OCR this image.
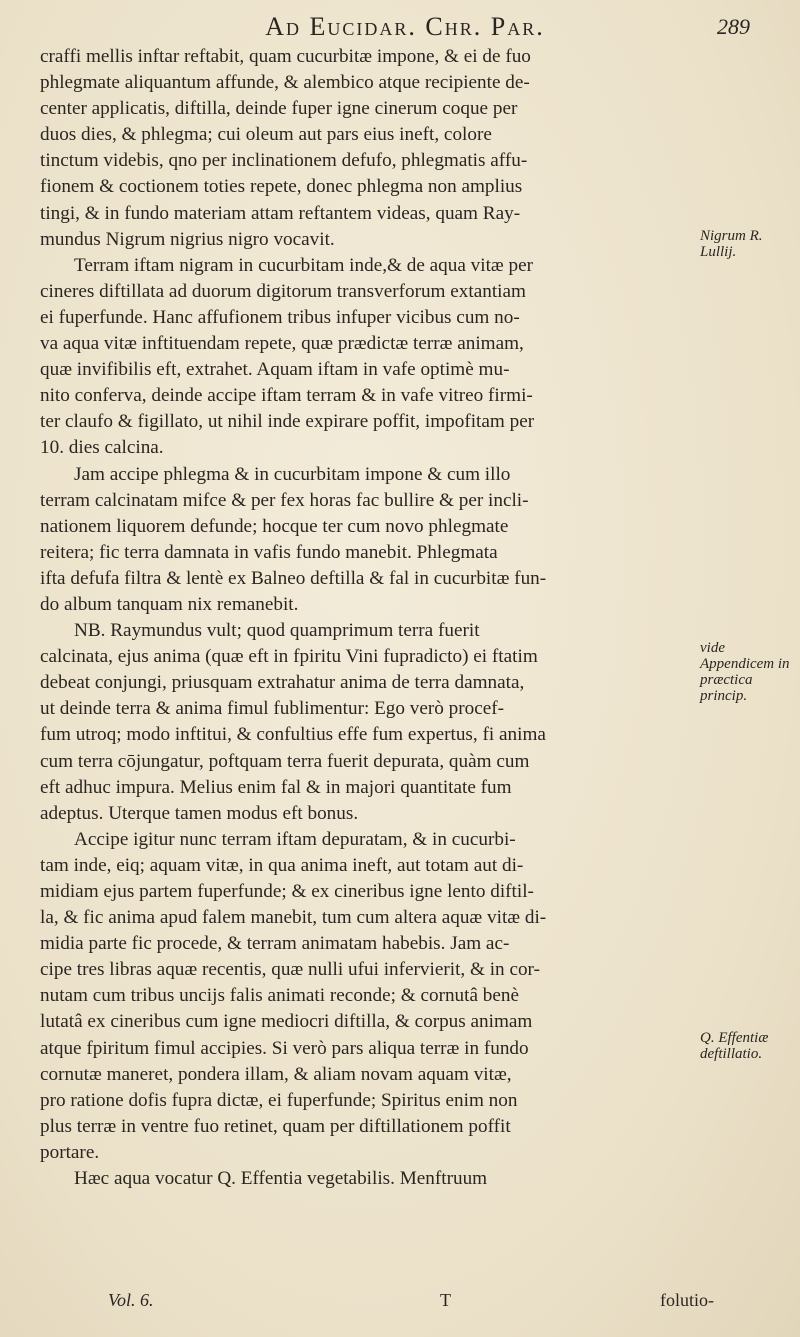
Ad Eucidar. Chr. Par.	289
craffi mellis inftar reftabit, quam cucurbitæ impone, & ei de fuo
phlegmate aliquantum affunde, & alembico atque recipiente de-
center applicatis, diftilla, deinde fuper igne cinerum coque per
duos dies, & phlegma; cui oleum aut pars eius ineft, colore
tinctum videbis, qno per inclinationem defufo, phlegmatis affu-
fionem & coctionem toties repete, donec phlegma non amplius
tingi, & in fundo materiam attam reftantem videas, quam Ray-
mundus Nigrum nigrius nigro vocavit.
Terram iftam nigram in cucurbitam inde,& de aqua vitæ per
cineres diftillata ad duorum digitorum transverforum extantiam
ei fuperfunde. Hanc affufionem tribus infuper vicibus cum no-
va aqua vitæ inftituendam repete, quæ prædictæ terræ animam,
quæ invifibilis eft, extrahet. Aquam iftam in vafe optimè mu-
nito conferva, deinde accipe iftam terram & in vafe vitreo firmi-
ter claufo & figillato, ut nihil inde expirare poffit, impofitam per
10. dies calcina.
Jam accipe phlegma & in cucurbitam impone & cum illo
terram calcinatam mifce & per fex horas fac bullire & per incli-
nationem liquorem defunde; hocque ter cum novo phlegmate
reitera; fic terra damnata in vafis fundo manebit. Phlegmata
ifta defufa filtra & lentè ex Balneo deftilla & fal in cucurbitæ fun-
do album tanquam nix remanebit.
NB. Raymundus vult; quod quamprimum terra fuerit
calcinata, ejus anima (quæ eft in fpiritu Vini fupradicto) ei ftatim
debeat conjungi, priusquam extrahatur anima de terra damnata,
ut deinde terra & anima fimul fublimentur: Ego verò procef-
fum utroq; modo inftitui, & confultius effe fum expertus, fi anima
cum terra cōjungatur, poftquam terra fuerit depurata, quàm cum
eft adhuc impura. Melius enim fal & in majori quantitate fum
adeptus. Uterque tamen modus eft bonus.
Accipe igitur nunc terram iftam depuratam, & in cucurbi-
tam inde, eiq; aquam vitæ, in qua anima ineft, aut totam aut di-
midiam ejus partem fuperfunde; & ex cineribus igne lento diftil-
la, & fic anima apud falem manebit, tum cum altera aquæ vitæ di-
midia parte fic procede, & terram animatam habebis. Jam ac-
cipe tres libras aquæ recentis, quæ nulli ufui infervierit, & in cor-
nutam cum tribus uncijs falis animati reconde; & cornutâ benè
lutatâ ex cineribus cum igne mediocri diftilla, & corpus animam
atque fpiritum fimul accipies. Si verò pars aliqua terræ in fundo
cornutæ maneret, pondera illam, & aliam novam aquam vitæ,
pro ratione dofis fupra dictæ, ei fuperfunde; Spiritus enim non
plus terræ in ventre fuo retinet, quam per diftillationem poffit
portare.
Hæc aqua vocatur Q. Effentia vegetabilis. Menftruum
Nigrum R. Lullij.
vide Appendicem in præctica princip.
Q. Effentiæ deftillatio.
Vol. 6.	T	folutio-
